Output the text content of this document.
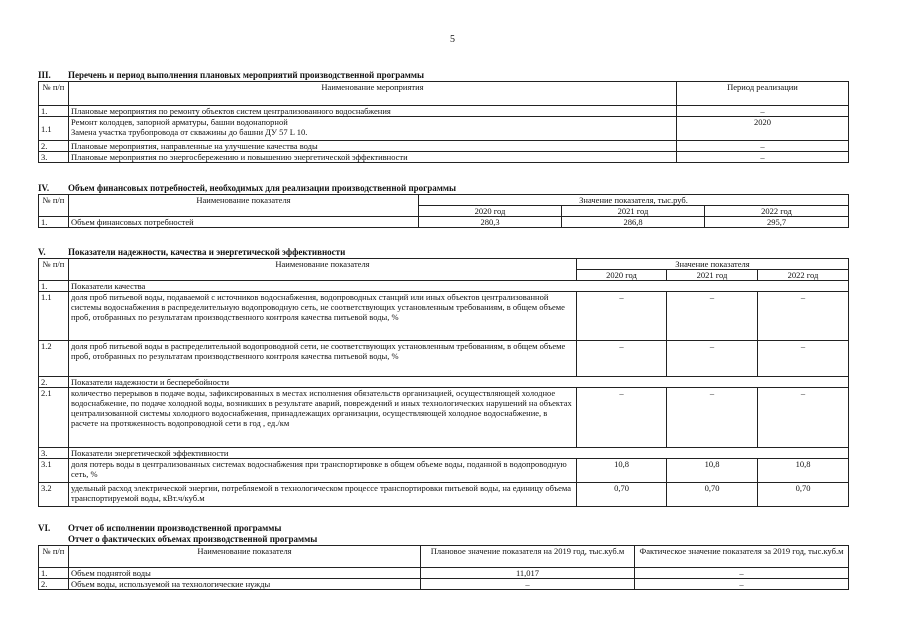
5
III. Перечень и период выполнения плановых мероприятий производственной программы
№ п/п	Наименование мероприятия	Период реализации
1.	Плановые мероприятия по ремонту объектов систем централизованного водоснабжения	–
1.1	Ремонт колодцев, запорной арматуры, башни водонапорной
Замена участка трубопровода от скважины до башни ДУ 57 L 10.	2020
2.	Плановые мероприятия, направленные на улучшение качества воды	–
3.	Плановые мероприятия по энергосбережению и повышению энергетической эффективности	–
IV. Объем финансовых потребностей, необходимых для реализации производственной программы
№ п/п	Наименование показателя	Значение показателя, тыс.руб.		
		2020 год	2021 год	2022 год
1.	Объем финансовых потребностей	280,3	286,8	295,7
V. Показатели надежности, качества и энергетической эффективности
№ п/п	Наименование показателя	Значение показателя		
		2020 год	2021 год	2022 год
1.	Показатели качества			
1.1	доля проб питьевой воды, подаваемой с источников водоснабжения, водопроводных станций или иных объектов централизованной системы водоснабжения в распределительную водопроводную сеть, не соответствующих установленным требованиям, в общем объеме проб, отобранных по результатам производственного контроля качества питьевой воды, %	–	–	–
1.2	доля проб питьевой воды в распределительной водопроводной сети, не соответствующих установленным требованиям, в общем объеме проб, отобранных по результатам производственного контроля качества питьевой воды, %	–	–	–
2.	Показатели надежности и бесперебойности			
2.1	количество перерывов в подаче воды, зафиксированных в местах исполнения обязательств организацией, осуществляющей холодное водоснабжение, по подаче холодной воды, возникших в результате аварий, повреждений и иных технологических нарушений на объектах централизованной системы холодного водоснабжения, принадлежащих организации, осуществляющей холодное водоснабжение, в расчете на протяженность водопроводной сети в год , ед./км	–	–	–
3.	Показатели энергетической эффективности			
3.1	доля потерь воды в централизованных системах водоснабжения при транспортировке в общем объеме воды, поданной в водопроводную сеть, %	10,8	10,8	10,8
3.2	удельный расход электрической энергии, потребляемой в технологическом процессе транспортировки питьевой воды, на единицу объема транспортируемой воды, кВт.ч/куб.м	0,70	0,70	0,70
VI. Отчет об исполнении производственной программы
Отчет о фактических объемах производственной программы
№ п/п	Наименование показателя	Плановое значение показателя на 2019 год, тыс.куб.м	Фактическое значение показателя за 2019 год, тыс.куб.м
1.	Объем поднятой воды	11,017	–
2.	Объем воды, используемой на технологические нужды	–	–
